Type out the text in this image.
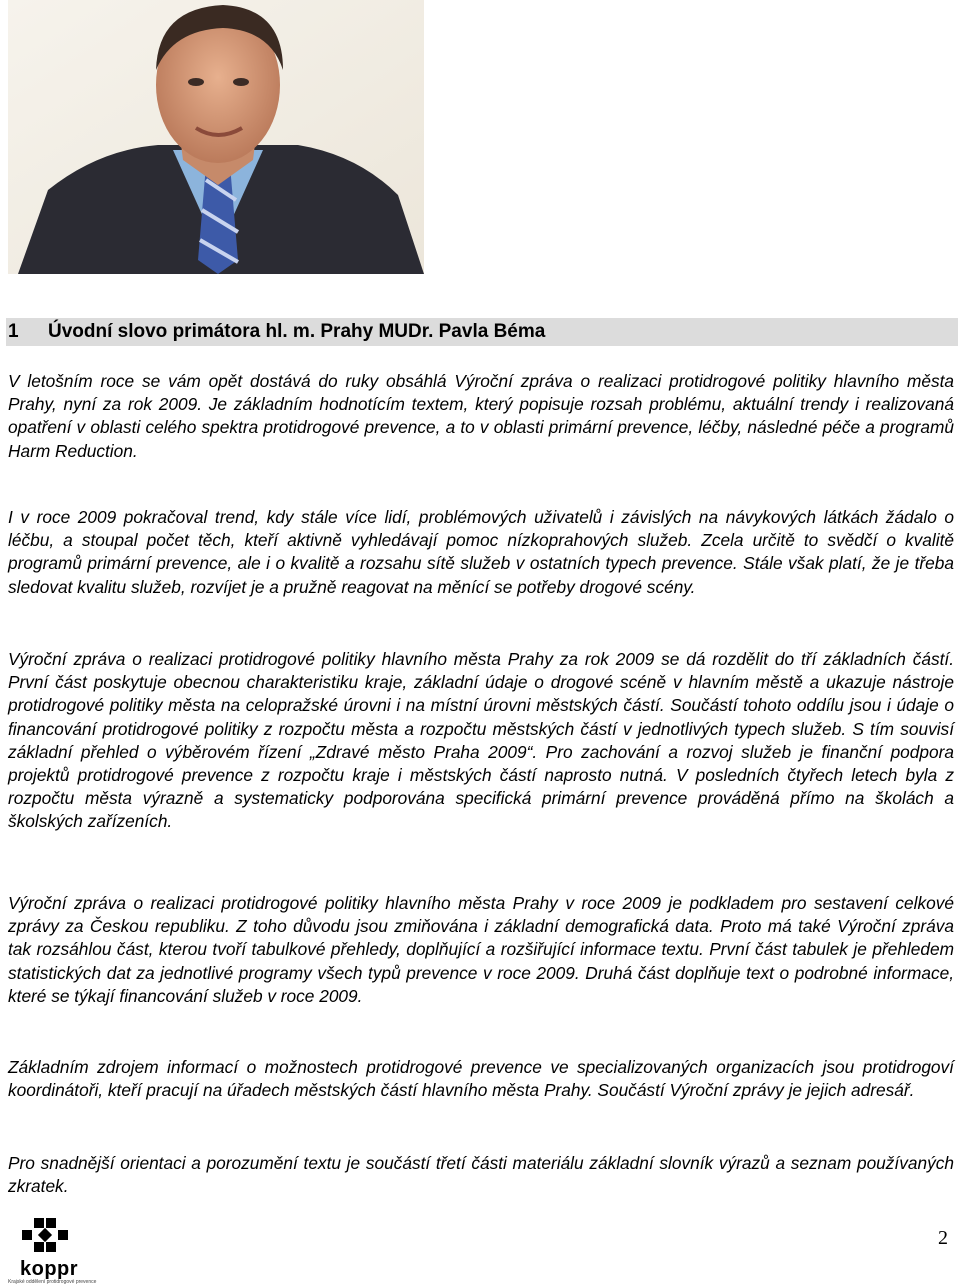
1	Úvodní slovo primátora hl. m. Prahy MUDr. Pavla Béma

V letošním roce se vám opět dostává do ruky obsáhlá Výroční zpráva o realizaci protidrogové politiky hlavního města Prahy, nyní za rok 2009. Je základním hodnotícím textem, který popisuje rozsah problému, aktuální trendy i realizovaná opatření v oblasti celého spektra protidrogové prevence, a to v oblasti primární prevence, léčby, následné péče a programů Harm Reduction.

I v roce 2009 pokračoval trend, kdy stále více lidí, problémových uživatelů i závislých na návykových látkách žádalo o léčbu, a stoupal počet těch, kteří aktivně vyhledávají pomoc nízkoprahových služeb. Zcela určitě to svědčí o kvalitě programů primární prevence, ale i o kvalitě a rozsahu sítě služeb v ostatních typech prevence. Stále však platí, že je třeba sledovat kvalitu služeb, rozvíjet je a pružně reagovat na měnící se potřeby drogové scény.

Výroční zpráva o realizaci protidrogové politiky hlavního města Prahy za rok 2009 se dá rozdělit do tří základních částí. První část poskytuje obecnou charakteristiku kraje, základní údaje o drogové scéně v hlavním městě a ukazuje nástroje protidrogové politiky města na celopražské úrovni i na místní úrovni městských částí. Součástí tohoto oddílu jsou i údaje o financování protidrogové politiky z rozpočtu města a rozpočtu městských částí v jednotlivých typech služeb. S tím souvisí základní přehled o výběrovém řízení „Zdravé město Praha 2009“. Pro zachování a rozvoj služeb je finanční podpora projektů protidrogové prevence z rozpočtu kraje i městských částí naprosto nutná. V posledních čtyřech letech byla z rozpočtu města výrazně a systematicky podporována specifická primární prevence prováděná přímo na školách a školských zařízeních.

Výroční zpráva o realizaci protidrogové politiky hlavního města Prahy v roce 2009 je podkladem pro sestavení celkové zprávy za Českou republiku. Z toho důvodu jsou zmiňována i základní demografická data. Proto má také Výroční zpráva tak rozsáhlou část, kterou tvoří tabulkové přehledy, doplňující a rozšiřující informace textu. První část tabulek je přehledem statistických dat za jednotlivé programy všech typů prevence v roce 2009. Druhá část doplňuje text o podrobné informace, které se týkají financování služeb v roce 2009.

Základním zdrojem informací o možnostech protidrogové prevence ve specializovaných organizacích jsou protidrogoví koordinátoři, kteří pracují na úřadech městských částí hlavního města Prahy. Součástí Výroční zprávy je jejich adresář.

Pro snadnější orientaci a porozumění textu je součástí třetí části materiálu základní slovník výrazů a seznam používaných zkratek.

koppr
Krajské oddělení protidrogové prevence
2
